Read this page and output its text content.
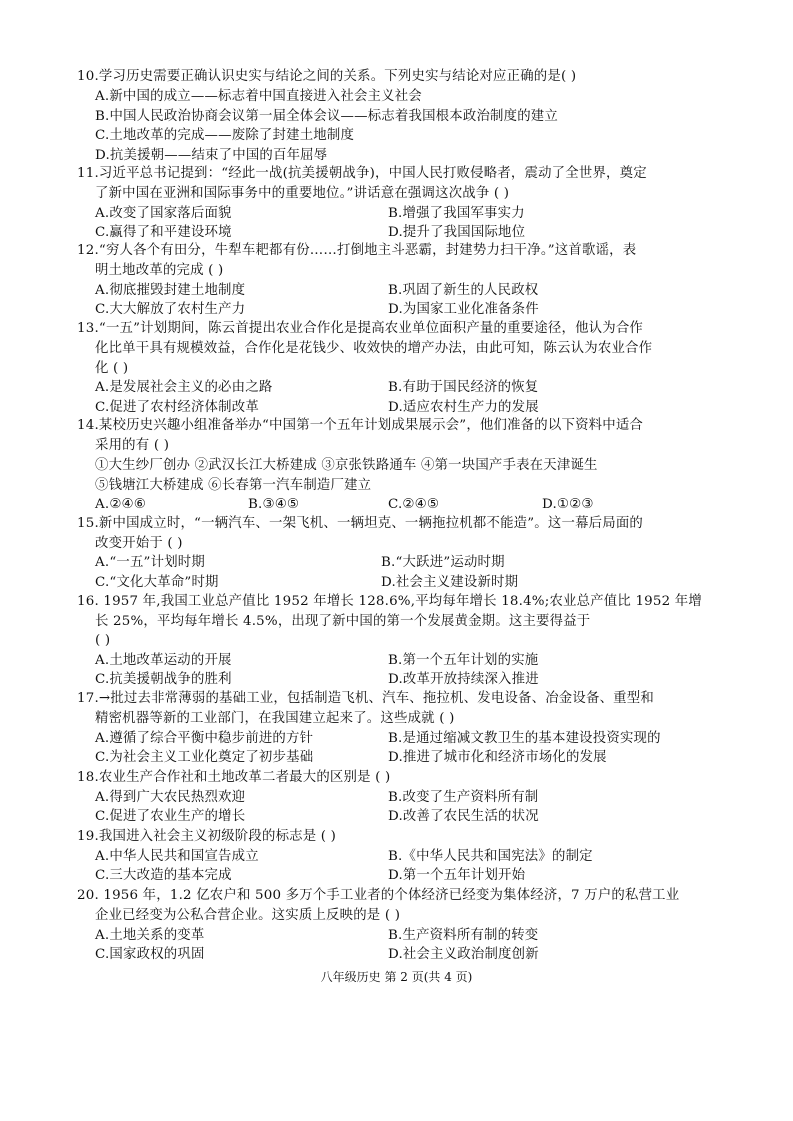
10.学习历史需要正确认识史实与结论之间的关系。下列史实与结论对应正确的是( )
A.新中国的成立——标志着中国直接进入社会主义社会
B.中国人民政治协商会议第一届全体会议——标志着我国根本政治制度的建立
C.土地改革的完成——废除了封建土地制度
D.抗美援朝——结束了中国的百年屈辱
11.习近平总书记提到：“经此一战(抗美援朝战争)，中国人民打败侵略者，震动了全世界，奠定
了新中国在亚洲和国际事务中的重要地位。”讲话意在强调这次战争 ( )
A.改变了国家落后面貌	B.增强了我国军事实力
C.赢得了和平建设环境	D.提升了我国国际地位
12.“穷人各个有田分，牛犁车耙都有份……打倒地主斗恶霸，封建势力扫干净。”这首歌谣，表
明土地改革的完成 ( )
A.彻底摧毁封建土地制度	B.巩固了新生的人民政权
C.大大解放了农村生产力	D.为国家工业化准备条件
13.“一五”计划期间，陈云首提出农业合作化是提高农业单位面积产量的重要途径，他认为合作
化比单干具有规模效益，合作化是花钱少、收效快的增产办法，由此可知，陈云认为农业合作
化 ( )
A.是发展社会主义的必由之路	B.有助于国民经济的恢复
C.促进了农村经济体制改革	D.适应农村生产力的发展
14.某校历史兴趣小组准备举办“中国第一个五年计划成果展示会”，他们准备的以下资料中适合
采用的有 ( )
①大生纱厂创办 ②武汉长江大桥建成 ③京张铁路通车 ④第一块国产手表在天津诞生
⑤钱塘江大桥建成 ⑥长春第一汽车制造厂建立
A.②④⑥	B.③④⑤	C.②④⑤	D.①②③
15.新中国成立时，“一辆汽车、一架飞机、一辆坦克、一辆拖拉机都不能造”。这一幕后局面的
改变开始于 ( )
A.“一五”计划时期	B.“大跃进”运动时期
C.“文化大革命”时期	D.社会主义建设新时期
16. 1957 年,我国工业总产值比 1952 年增长 128.6%,平均每年增长 18.4%;农业总产值比 1952 年增
长 25%，平均每年增长 4.5%，出现了新中国的第一个发展黄金期。这主要得益于
( )
A.土地改革运动的开展	B.第一个五年计划的实施
C.抗美援朝战争的胜利	D.改革开放持续深入推进
17.→批过去非常薄弱的基础工业，包括制造飞机、汽车、拖拉机、发电设备、冶金设备、重型和
精密机器等新的工业部门，在我国建立起来了。这些成就 ( )
A.遵循了综合平衡中稳步前进的方针	B.是通过缩减文教卫生的基本建设投资实现的
C.为社会主义工业化奠定了初步基础	D.推进了城市化和经济市场化的发展
18.农业生产合作社和土地改革二者最大的区别是 ( )
A.得到广大农民热烈欢迎	B.改变了生产资料所有制
C.促进了农业生产的增长	D.改善了农民生活的状况
19.我国进入社会主义初级阶段的标志是 ( )
A.中华人民共和国宣告成立	B.《中华人民共和国宪法》的制定
C.三大改造的基本完成	D.第一个五年计划开始
20. 1956 年，1.2 亿农户和 500 多万个手工业者的个体经济已经变为集体经济，7 万户的私营工业
企业已经变为公私合营企业。这实质上反映的是 ( )
A.土地关系的变革	B.生产资料所有制的转变
C.国家政权的巩固	D.社会主义政治制度创新
八年级历史 第 2 页(共 4 页)
